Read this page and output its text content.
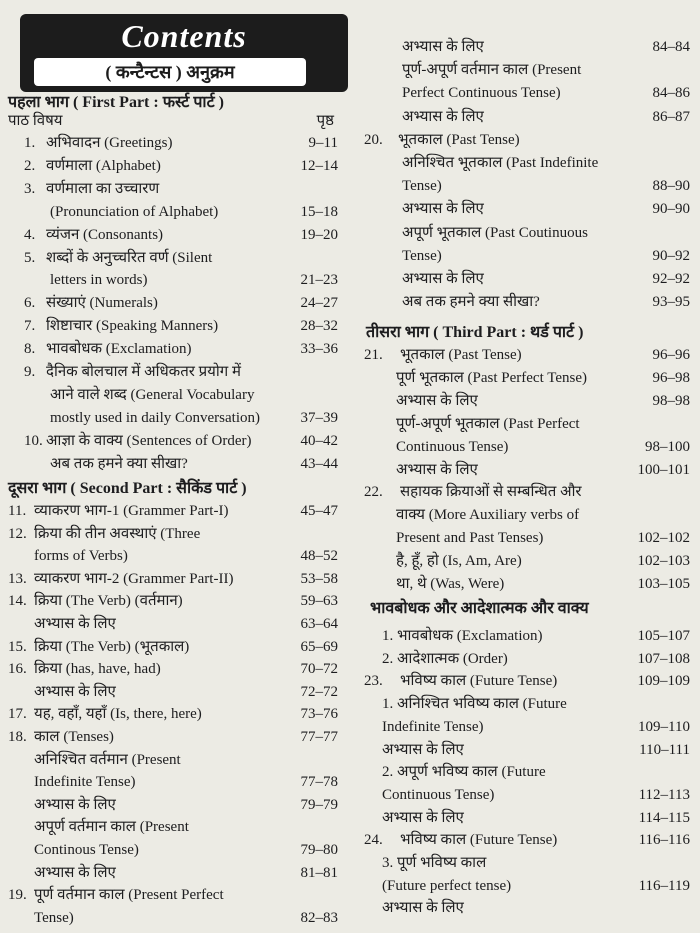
Contents
( कन्टैन्टस ) अनुक्रम
पहला भाग ( First Part : फर्स्ट पार्ट )
पाठ विषय	पृष्ठ
1. अभिवादन (Greetings)	9–11
2. वर्णमाला (Alphabet)	12–14
3. वर्णमाला का उच्चारण
(Pronunciation of Alphabet)	15–18
4. व्यंजन (Consonants)	19–20
5. शब्दों के अनुच्चरित वर्ण (Silent
letters in words)	21–23
6. संख्याएं (Numerals)	24–27
7. शिष्टाचार (Speaking Manners)	28–32
8. भावबोधक (Exclamation)	33–36
9. दैनिक बोलचाल में अधिकतर प्रयोग में
आने वाले शब्द (General Vocabulary
mostly used in daily Conversation)	37–39
10. आज्ञा के वाक्य (Sentences of Order)	40–42
अब तक हमने क्या सीखा?	43–44
दूसरा भाग ( Second Part : सैकिंड पार्ट )
11. व्याकरण भाग-1 (Grammer Part-I)	45–47
12. क्रिया की तीन अवस्थाएं (Three
forms of Verbs)	48–52
13. व्याकरण भाग-2 (Grammer Part-II)	53–58
14. क्रिया (The Verb) (वर्तमान)	59–63
अभ्यास के लिए	63–64
15. क्रिया (The Verb) (भूतकाल)	65–69
16. क्रिया (has, have, had)	70–72
अभ्यास के लिए	72–72
17. यह, वहाँ, यहाँ (Is, there, here)	73–76
18. काल (Tenses)	77–77
अनिश्चित वर्तमान (Present
Indefinite Tense)	77–78
अभ्यास के लिए	79–79
अपूर्ण वर्तमान काल (Present
Continous Tense)	79–80
अभ्यास के लिए	81–81
19. पूर्ण वर्तमान काल (Present Perfect
Tense)	82–83
अभ्यास के लिए	84–84
पूर्ण-अपूर्ण वर्तमान काल (Present
Perfect Continuous Tense)	84–86
अभ्यास के लिए	86–87
20. भूतकाल (Past Tense)
अनिश्चित भूतकाल (Past Indefinite
Tense)	88–90
अभ्यास के लिए	90–90
अपूर्ण भूतकाल (Past Coutinuous
Tense)	90–92
अभ्यास के लिए	92–92
अब तक हमने क्या सीखा?	93–95
तीसरा भाग ( Third Part : थर्ड पार्ट )
21. भूतकाल (Past Tense)	96–96
पूर्ण भूतकाल (Past Perfect Tense)	96–98
अभ्यास के लिए	98–98
पूर्ण-अपूर्ण भूतकाल (Past Perfect
Continuous Tense)	98–100
अभ्यास के लिए	100–101
22. सहायक क्रियाओं से सम्बन्धित और
वाक्य (More Auxiliary verbs of
Present and Past Tenses)	102–102
है, हूँ, हो (Is, Am, Are)	102–103
था, थे (Was, Were)	103–105
भावबोधक और आदेशात्मक और वाक्य
1. भावबोधक (Exclamation)	105–107
2. आदेशात्मक (Order)	107–108
23. भविष्य काल (Future Tense)	109–109
1. अनिश्चित भविष्य काल (Future
Indefinite Tense)	109–110
अभ्यास के लिए	110–111
2. अपूर्ण भविष्य काल (Future
Continuous Tense)	112–113
अभ्यास के लिए	114–115
24. भविष्य काल (Future Tense)	116–116
3. पूर्ण भविष्य काल
(Future perfect tense)	116–119
अभ्यास के लिए
